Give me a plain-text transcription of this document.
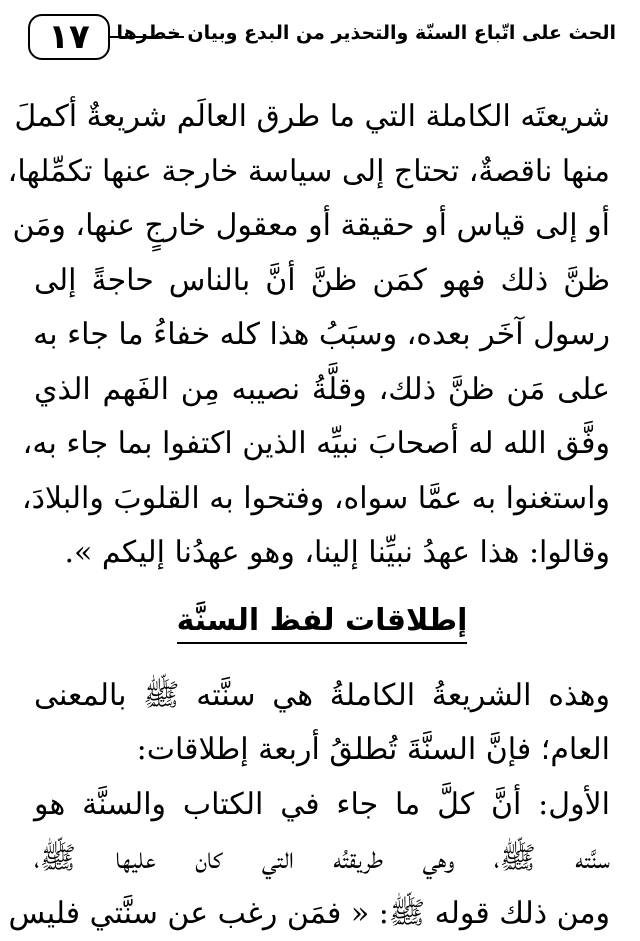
١٧	الحث على اتّباع السنّة والتحذير من البدع وبيان خطرها
شريعتَه الكاملة التي ما طرق العالَم شريعةٌ أكملَ
منها ناقصةٌ، تحتاج إلى سياسة خارجة عنها تكمِّلها،
أو إلى قياس أو حقيقة أو معقول خارجٍ عنها، ومَن
ظنَّ ذلك فهو كمَن ظنَّ أنَّ بالناس حاجةً إلى
رسول آخَر بعده، وسبَبُ هذا كله خفاءُ ما جاء به
على مَن ظنَّ ذلك، وقلَّةُ نصيبه مِن الفَهم الذي
وفَّق الله له أصحابَ نبيِّه الذين اكتفوا بما جاء به،
واستغنوا به عمَّا سواه، وفتحوا به القلوبَ والبلادَ،
وقالوا: هذا عهدُ نبيِّنا إلينا، وهو عهدُنا إليكم ».
إطلاقات لفظ السنَّة
وهذه الشريعةُ الكاملةُ هي سنَّته ﷺ بالمعنى
العام؛ فإنَّ السنَّةَ تُطلقُ أربعة إطلاقات:
الأول: أنَّ كلَّ ما جاء في الكتاب والسنَّة هو
سنَّته ﷺ، وهي طريقتُه التي كان عليها ﷺ،
ومن ذلك قوله ﷺ: « فمَن رغب عن سنَّتي فليس
